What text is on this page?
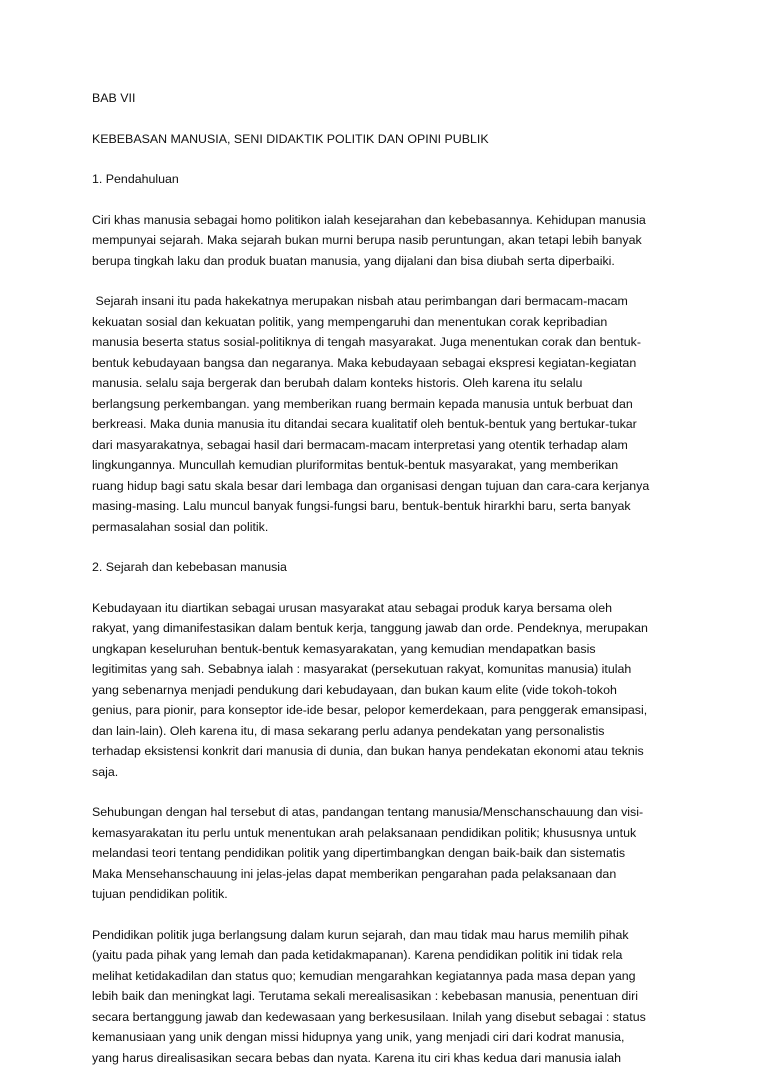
BAB VII
KEBEBASAN MANUSIA, SENI DIDAKTIK POLITIK DAN OPINI PUBLIK
1. Pendahuluan
Ciri khas manusia sebagai homo politikon ialah kesejarahan dan kebebasannya. Kehidupan manusia
mempunyai sejarah. Maka sejarah bukan murni berupa nasib peruntungan, akan tetapi lebih banyak
berupa tingkah laku dan produk buatan manusia, yang dijalani dan bisa diubah serta diperbaiki.
Sejarah insani itu pada hakekatnya merupakan nisbah atau perimbangan dari bermacam-macam
kekuatan sosial dan kekuatan politik, yang mempengaruhi dan menentukan corak kepribadian
manusia beserta status sosial-politiknya di tengah masyarakat. Juga menentukan corak dan bentuk-
bentuk kebudayaan bangsa dan negaranya. Maka kebudayaan sebagai ekspresi kegiatan-kegiatan
manusia. selalu saja bergerak dan berubah dalam konteks historis. Oleh karena itu selalu
berlangsung perkembangan. yang memberikan ruang bermain kepada manusia untuk berbuat dan
berkreasi. Maka dunia manusia itu ditandai secara kualitatif oleh bentuk-bentuk yang bertukar-tukar
dari masyarakatnya, sebagai hasil dari bermacam-macam interpretasi yang otentik terhadap alam
lingkungannya. Muncullah kemudian pluriformitas bentuk-bentuk masyarakat, yang memberikan
ruang hidup bagi satu skala besar dari lembaga dan organisasi dengan tujuan dan cara-cara kerjanya
masing-masing. Lalu muncul banyak fungsi-fungsi baru, bentuk-bentuk hirarkhi baru, serta banyak
permasalahan sosial dan politik.
2. Sejarah dan kebebasan manusia
Kebudayaan itu diartikan sebagai urusan masyarakat atau sebagai produk karya bersama oleh
rakyat, yang dimanifestasikan dalam bentuk kerja, tanggung jawab dan orde. Pendeknya, merupakan
ungkapan keseluruhan bentuk-bentuk kemasyarakatan, yang kemudian mendapatkan basis
legitimitas yang sah. Sebabnya ialah : masyarakat (persekutuan rakyat, komunitas manusia) itulah
yang sebenarnya menjadi pendukung dari kebudayaan, dan bukan kaum elite (vide tokoh-tokoh
genius, para pionir, para konseptor ide-ide besar, pelopor kemerdekaan, para penggerak emansipasi,
dan lain-lain). Oleh karena itu, di masa sekarang perlu adanya pendekatan yang personalistis
terhadap eksistensi konkrit dari manusia di dunia, dan bukan hanya pendekatan ekonomi atau teknis
saja.
Sehubungan dengan hal tersebut di atas, pandangan tentang manusia/Menschanschauung dan visi-
kemasyarakatan itu perlu untuk menentukan arah pelaksanaan pendidikan politik; khususnya untuk
melandasi teori tentang pendidikan politik yang dipertimbangkan dengan baik-baik dan sistematis
Maka Mensehanschauung ini jelas-jelas dapat memberikan pengarahan pada pelaksanaan dan
tujuan pendidikan politik.
Pendidikan politik juga berlangsung dalam kurun sejarah, dan mau tidak mau harus memilih pihak
(yaitu pada pihak yang lemah dan pada ketidakmapanan). Karena pendidikan politik ini tidak rela
melihat ketidakadilan dan status quo; kemudian mengarahkan kegiatannya pada masa depan yang
lebih baik dan meningkat lagi. Terutama sekali merealisasikan : kebebasan manusia, penentuan diri
secara bertanggung jawab dan kedewasaan yang berkesusilaan. Inilah yang disebut sebagai : status
kemanusiaan yang unik dengan missi hidupnya yang unik, yang menjadi ciri dari kodrat manusia,
yang harus direalisasikan secara bebas dan nyata. Karena itu ciri khas kedua dari manusia ialah
